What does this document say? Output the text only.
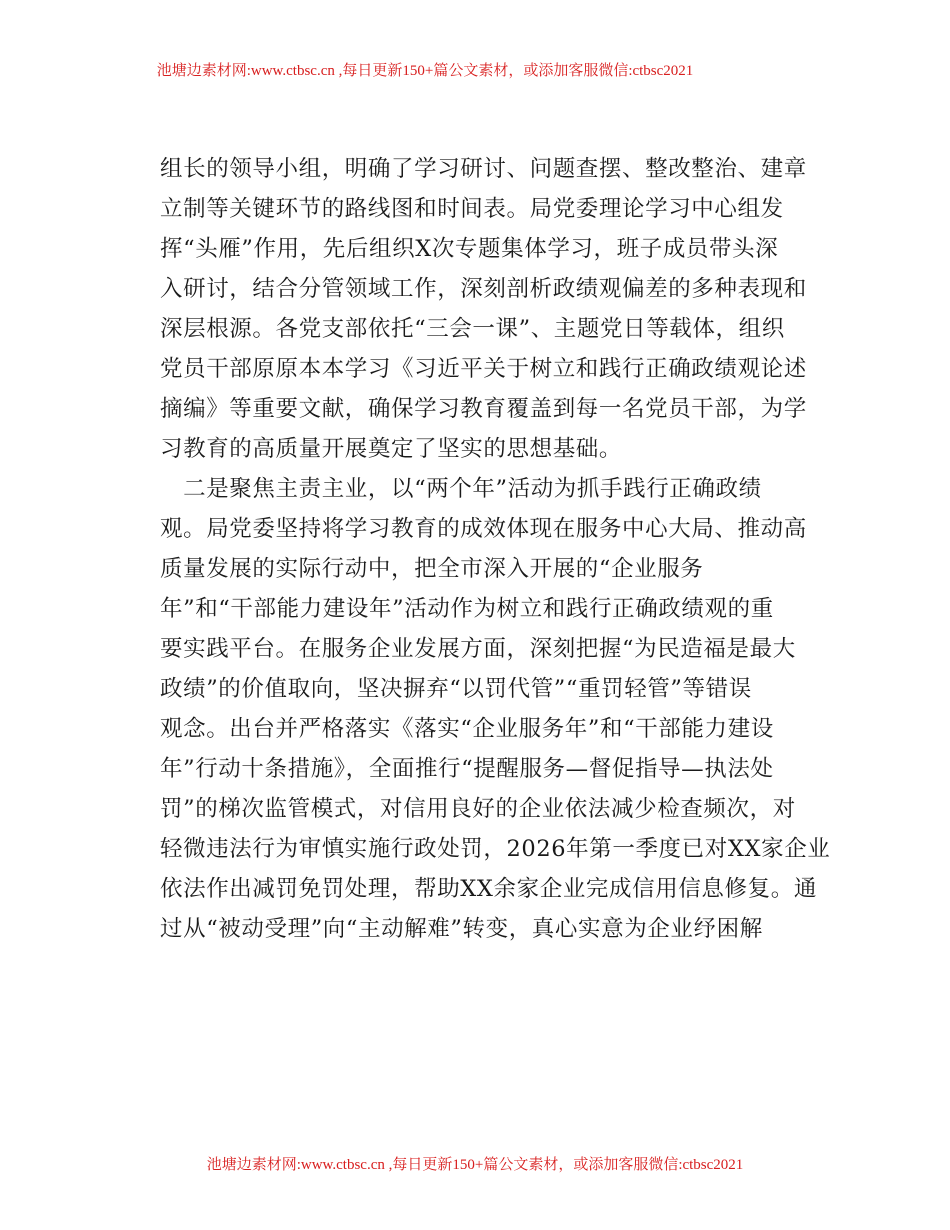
池塘边素材网:www.ctbsc.cn ,每日更新150+篇公文素材，或添加客服微信:ctbsc2021
组长的领导小组，明确了学习研讨、问题查摆、整改整治、建章
立制等关键环节的路线图和时间表。局党委理论学习中心组发
挥“头雁”作用，先后组织X次专题集体学习，班子成员带头深
入研讨，结合分管领域工作，深刻剖析政绩观偏差的多种表现和
深层根源。各党支部依托“三会一课”、主题党日等载体，组织
党员干部原原本本学习《习近平关于树立和践行正确政绩观论述
摘编》等重要文献，确保学习教育覆盖到每一名党员干部，为学
习教育的高质量开展奠定了坚实的思想基础。
　二是聚焦主责主业，以“两个年”活动为抓手践行正确政绩
观。局党委坚持将学习教育的成效体现在服务中心大局、推动高
质量发展的实际行动中，把全市深入开展的“企业服务
年”和“干部能力建设年”活动作为树立和践行正确政绩观的重
要实践平台。在服务企业发展方面，深刻把握“为民造福是最大
政绩”的价值取向，坚决摒弃“以罚代管”“重罚轻管”等错误
观念。出台并严格落实《落实“企业服务年”和“干部能力建设
年”行动十条措施》，全面推行“提醒服务—督促指导—执法处
罚”的梯次监管模式，对信用良好的企业依法减少检查频次，对
轻微违法行为审慎实施行政处罚，2026年第一季度已对XX家企业
依法作出减罚免罚处理，帮助XX余家企业完成信用信息修复。通
过从“被动受理”向“主动解难”转变，真心实意为企业纾困解
池塘边素材网:www.ctbsc.cn ,每日更新150+篇公文素材，或添加客服微信:ctbsc2021
